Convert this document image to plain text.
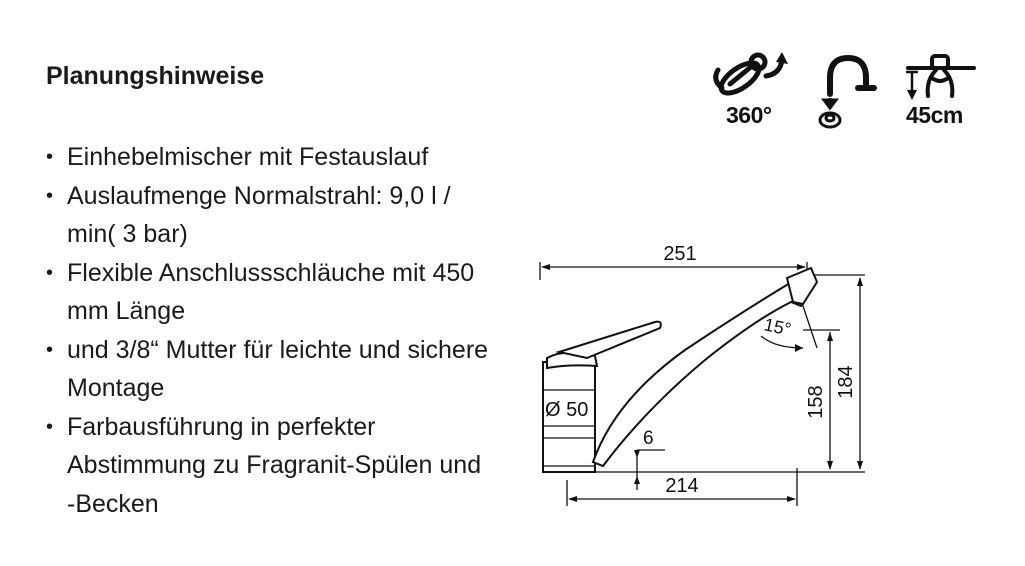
Planungshinweise
• Einhebelmischer mit Festauslauf
• Auslaufmenge Normalstrahl: 9,0 l / min( 3 bar)
• Flexible Anschlussschläuche mit 450 mm Länge
• und 3/8“ Mutter für leichte und sichere Montage
• Farbausführung in perfekter Abstimmung zu Fragranit-Spülen und -Becken
360°	45cm
251
214
Ø 50
15°
6
158
184
